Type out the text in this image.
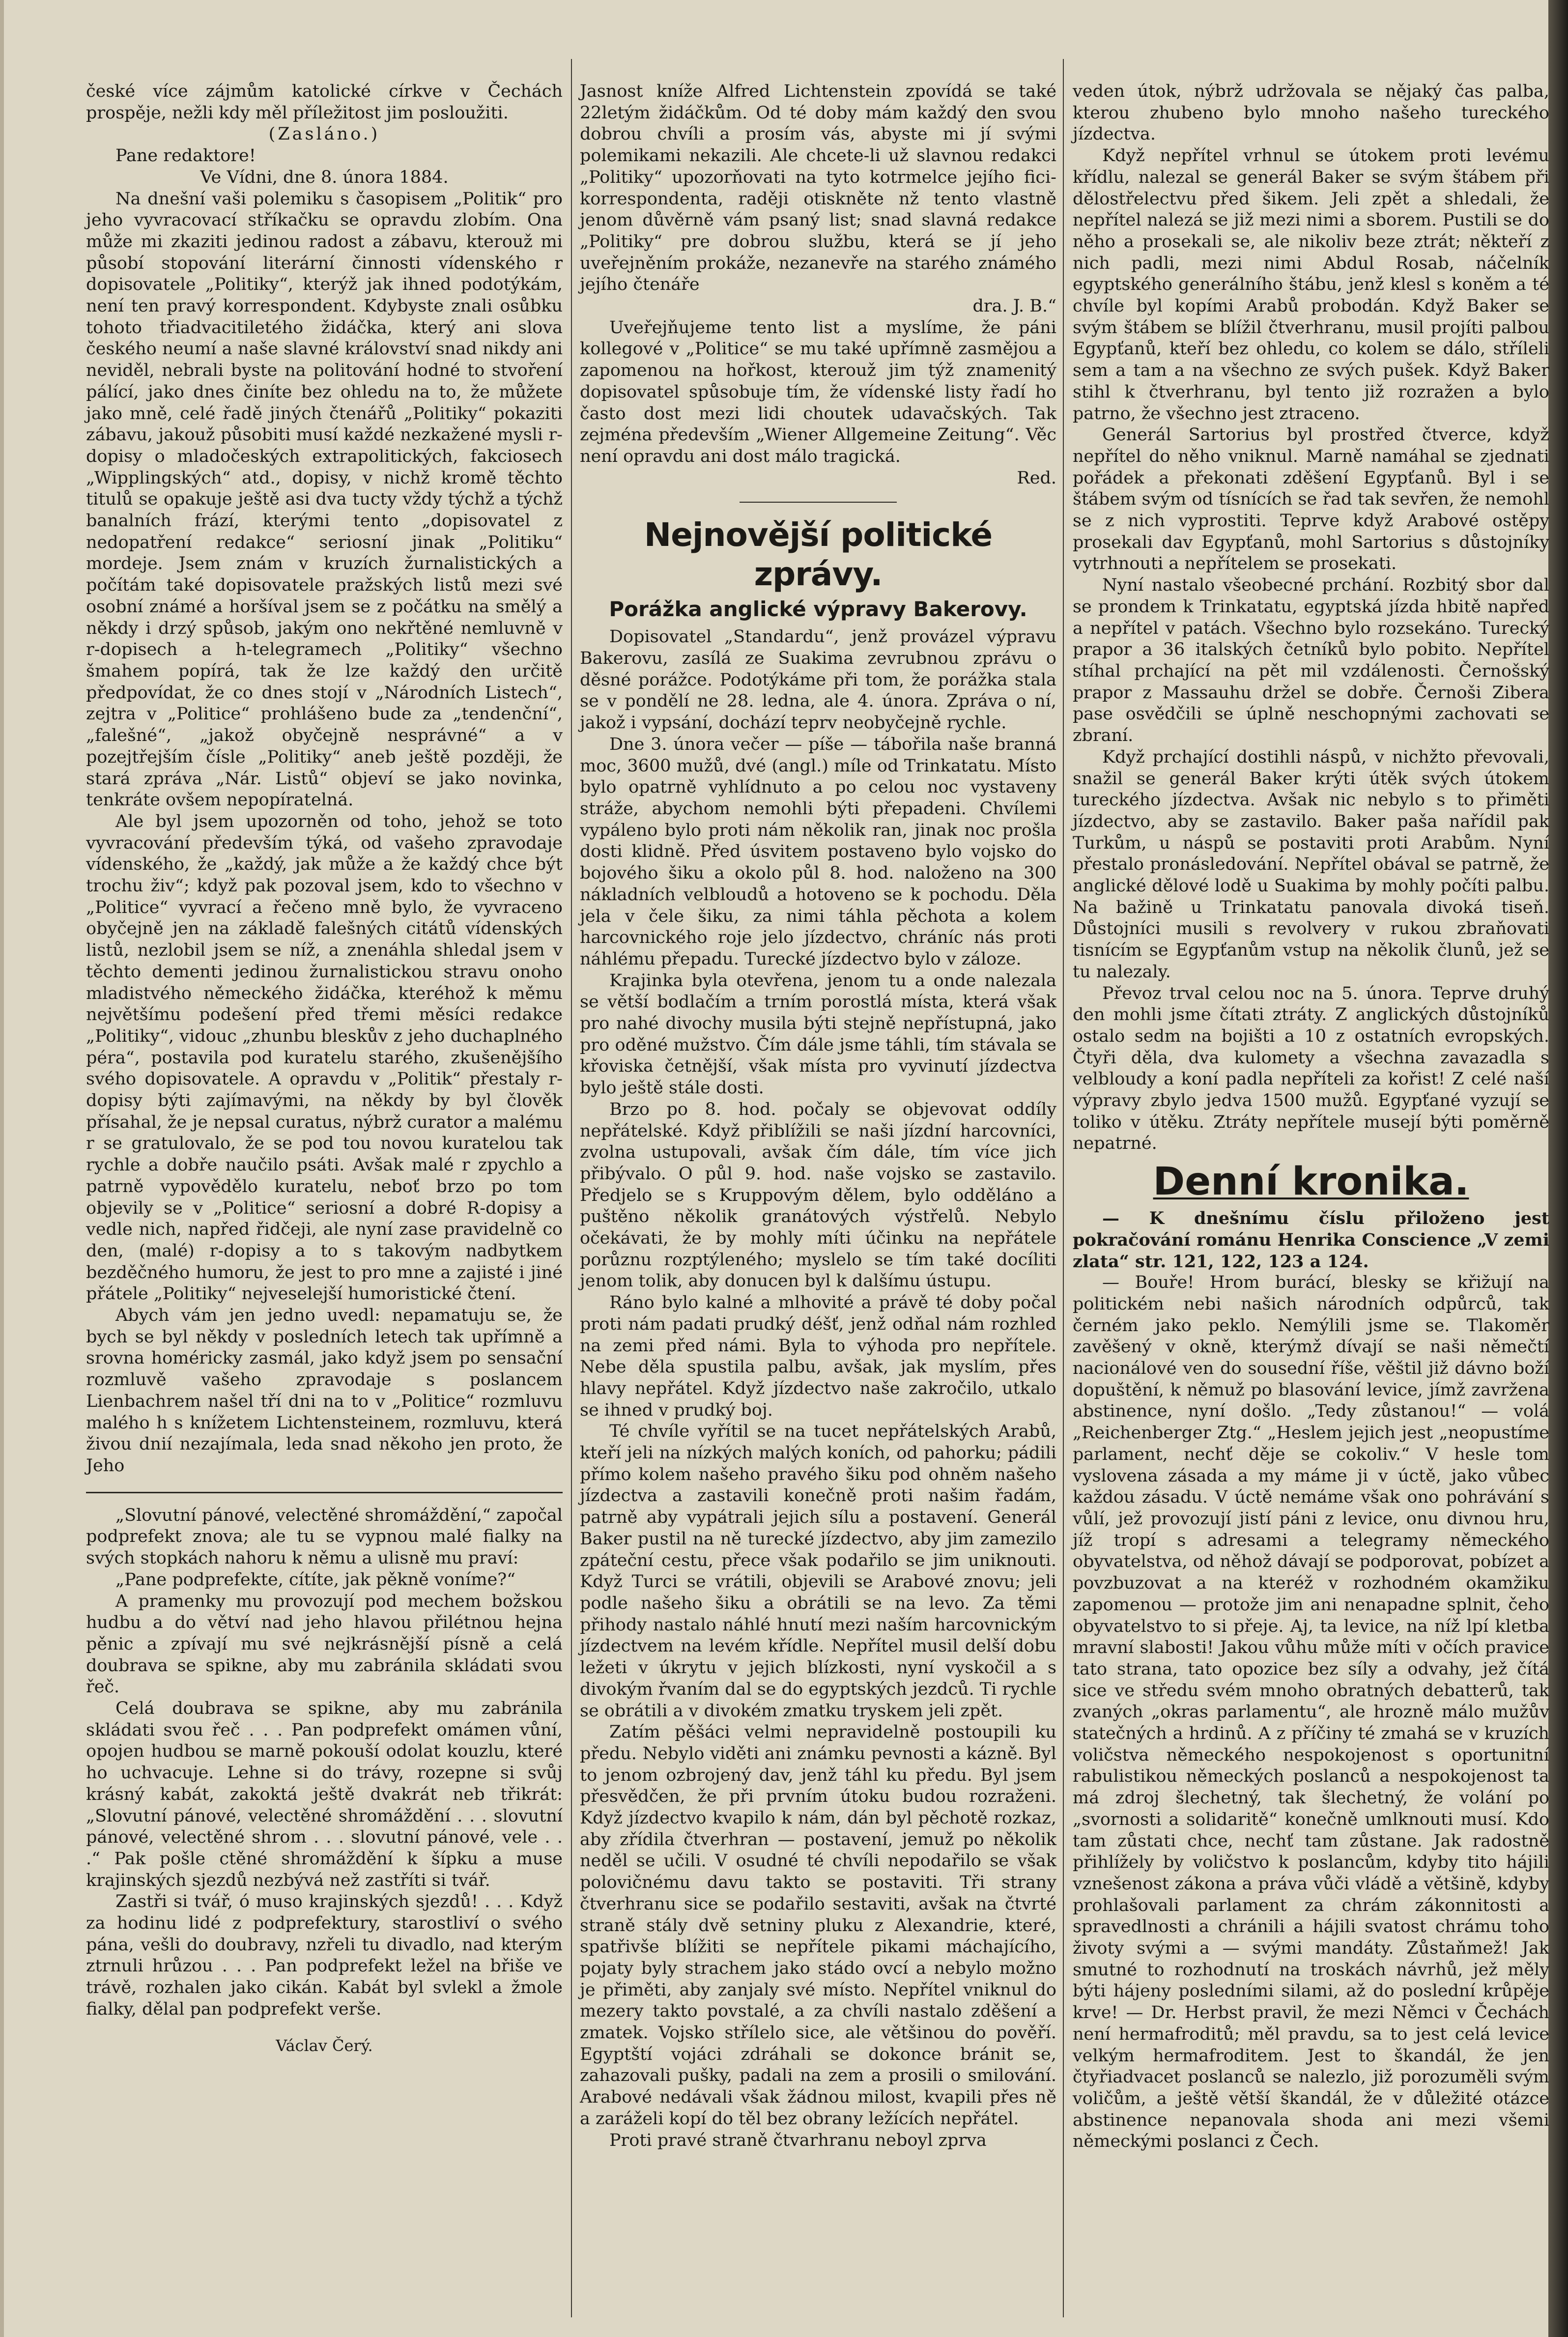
české více zájmům katolické církve v Čechách prospěje, nežli kdy měl příležitost jim posloužiti.

(Zasláno.)

Pane redaktore!

Ve Vídni, dne 8. února 1884.

Na dnešní vaši polemiku s časopisem „Politik“ pro jeho vyvracovací stříkačku se opravdu zlobím. Ona může mi zkaziti jedinou radost a zábavu, kterouž mi působí stopování literární činnosti vídenského r dopisovatele „Politiky“, kterýž jak ihned podotýkám, není ten pravý korrespondent. Kdybyste znali osůbku tohoto třiadvacitiletého židáčka, který ani slova českého neumí a naše slavné království snad nikdy ani neviděl, nebrali byste na politování hodné to stvoření pálící, jako dnes činíte bez ohledu na to, že můžete jako mně, celé řadě jiných čtenářů „Politiky“ pokaziti zábavu, jakouž působiti musí každé nezkažené mysli r-dopisy o mladočeských extrapolitických, fakciosech „Wipplingských“ atd., dopisy, v nichž kromě těchto titulů se opakuje ještě asi dva tucty vždy týchž a týchž banalních frází, kterými tento „dopisovatel z nedopatření redakce“ seriosní jinak „Politiku“ mordeje. Jsem znám v kruzích žurnalistických a počítám také dopisovatele pražských listů mezi své osobní známé a horšíval jsem se z počátku na smělý a někdy i drzý spůsob, jakým ono nekřtěné nemluvně v r-dopisech a h-telegramech „Politiky“ všechno šmahem popírá, tak že lze každý den určitě předpovídat, že co dnes stojí v „Národních Listech“, zejtra v „Politice“ prohlášeno bude za „tendenční“, „falešné“, „jakož obyčejně nesprávné“ a v pozejtřejším čísle „Politiky“ aneb ještě později, že stará zpráva „Nár. Listů“ objeví se jako novinka, tenkráte ovšem nepopíratelná.

Ale byl jsem upozorněn od toho, jehož se toto vyvracování především týká, od vašeho zpravodaje vídenského, že „každý, jak může a že každý chce být trochu živ“; když pak pozoval jsem, kdo to všechno v „Politice“ vyvrací a řečeno mně bylo, že vyvraceno obyčejně jen na základě falešných citátů vídenských listů, nezlobil jsem se níž, a znenáhla shledal jsem v těchto dementi jedinou žurnalistickou stravu onoho mladistvého německého židáčka, kteréhož k měmu největšímu podešení před třemi měsíci redakce „Politiky“, vidouc „zhunbu bleskův z jeho duchaplného péra“, postavila pod kuratelu starého, zkušenějšího svého dopisovatele. A opravdu v „Politik“ přestaly r-dopisy býti zajímavými, na někdy by byl člověk přísahal, že je nepsal curatus, nýbrž curator a malému r se gratulovalo, že se pod tou novou kuratelou tak rychle a dobře naučilo psáti. Avšak malé r zpychlo a patrně vypovědělo kuratelu, neboť brzo po tom objevily se v „Politice“ seriosní a dobré R-dopisy a vedle nich, napřed řidčeji, ale nyní zase pravidelně co den, (malé) r-dopisy a to s takovým nadbytkem bezděčného humoru, že jest to pro mne a zajisté i jiné přátele „Politiky“ nejveselejší humoristické čtení.

Abych vám jen jedno uvedl: nepamatuju se, že bych se byl někdy v posledních letech tak upřímně a srovna homéricky zasmál, jako když jsem po sensační rozmluvě vašeho zpravodaje s poslancem Lienbachrem našel tří dni na to v „Politice“ rozmluvu malého h s knížetem Lichtensteinem, rozmluvu, která živou dnií nezajímala, leda snad někoho jen proto, že Jeho

„Slovutní pánové, velectěné shromáždění,“ započal podprefekt znova; ale tu se vypnou malé fialky na svých stopkách nahoru k němu a ulisně mu praví:

„Pane podprefekte, cítíte, jak pěkně voníme?“

A pramenky mu provozují pod mechem božskou hudbu a do větví nad jeho hlavou přilétnou hejna pěnic a zpívají mu své nejkrásnější písně a celá doubrava se spikne, aby mu zabránila skládati svou řeč.

Celá doubrava se spikne, aby mu zabránila skládati svou řeč . . . Pan podprefekt omámen vůní, opojen hudbou se marně pokouší odolat kouzlu, které ho uchvacuje. Lehne si do trávy, rozepne si svůj krásný kabát, zakoktá ještě dvakrát neb třikrát: „Slovutní pánové, velectěné shromáždění . . . slovutní pánové, velectěné shrom . . . slovutní pánové, vele . . .“ Pak pošle ctěné shromáždění k šípku a muse krajinských sjezdů nezbývá než zastříti si tvář.

Zastři si tvář, ó muso krajinských sjezdů! . . . Když za hodinu lidé z podprefektury, starostliví o svého pána, vešli do doubravy, nzřeli tu divadlo, nad kterým ztrnuli hrůzou . . . Pan podprefekt ležel na břiše ve trávě, rozhalen jako cikán. Kabát byl svlekl a žmole fialky, dělal pan podprefekt verše.

Václav Čerý.

Jasnost kníže Alfred Lichtenstein zpovídá se také 22letým židáčkům. Od té doby mám každý den svou dobrou chvíli a prosím vás, abyste mi jí svými polemikami nekazili. Ale chcete-li už slavnou redakci „Politiky“ upozorňovati na tyto kotrmelce jejího fici-korrespondenta, raději otiskněte nž tento vlastně jenom důvěrně vám psaný list; snad slavná redakce „Politiky“ pre dobrou službu, která se jí jeho uveřejněním prokáže, nezanevře na starého známého jejího čtenáře

dra. J. B.“

Uveřejňujeme tento list a myslíme, že páni kollegové v „Politice“ se mu také upřímně zasmějou a zapomenou na hořkost, kterouž jim týž znamenitý dopisovatel spůsobuje tím, že vídenské listy řadí ho často dost mezi lidi choutek udavačských. Tak zejména především „Wiener Allgemeine Zeitung“. Věc není opravdu ani dost málo tragická.

Red.
Nejnovější politické zprávy.
Porážka anglické výpravy Bakerovy.

Dopisovatel „Standardu“, jenž provázel výpravu Bakerovu, zasílá ze Suakima zevrubnou zprávu o děsné porážce. Podotýkáme při tom, že porážka stala se v pondělí ne 28. ledna, ale 4. února. Zpráva o ní, jakož i vypsání, dochází teprv neobyčejně rychle.

Dne 3. února večer — píše — tábořila naše branná moc, 3600 mužů, dvé (angl.) míle od Trinkatatu. Místo bylo opatrně vyhlídnuto a po celou noc vystaveny stráže, abychom nemohli býti přepadeni. Chvílemi vypáleno bylo proti nám několik ran, jinak noc prošla dosti klidně. Před úsvitem postaveno bylo vojsko do bojového šiku a okolo půl 8. hod. naloženo na 300 nákladních velbloudů a hotoveno se k pochodu. Děla jela v čele šiku, za nimi táhla pěchota a kolem harcovnického roje jelo jízdectvo, chráníc nás proti náhlému přepadu. Turecké jízdectvo bylo v záloze.

Krajinka byla otevřena, jenom tu a onde nalezala se větší bodlačím a trním porostlá místa, která však pro nahé divochy musila býti stejně nepřístupná, jako pro oděné mužstvo. Čím dále jsme táhli, tím stávala se křoviska četnější, však místa pro vyvinutí jízdectva bylo ještě stále dosti.

Brzo po 8. hod. počaly se objevovat oddíly nepřátelské. Když přiblížili se naši jízdní harcovníci, zvolna ustupovali, avšak čím dále, tím více jich přibývalo. O půl 9. hod. naše vojsko se zastavilo. Předjelo se s Kruppovým dělem, bylo odděláno a puštěno několik granátových výstřelů. Nebylo očekávati, že by mohly míti účinku na nepřátele porůznu rozptýleného; myslelo se tím také docíliti jenom tolik, aby donucen byl k dalšímu ústupu.

Ráno bylo kalné a mlhovité a právě té doby počal proti nám padati prudký déšť, jenž odňal nám rozhled na zemi před námi. Byla to výhoda pro nepřítele. Nebe děla spustila palbu, avšak, jak myslím, přes hlavy nepřátel. Když jízdectvo naše zakročilo, utkalo se ihned v prudký boj.

Té chvíle vyřítil se na tucet nepřátelských Arabů, kteří jeli na nízkých malých koních, od pahorku; pádili přímo kolem našeho pravého šiku pod ohněm našeho jízdectva a zastavili konečně proti našim řadám, patrně aby vypátrali jejich sílu a postavení. Generál Baker pustil na ně turecké jízdectvo, aby jim zamezilo zpáteční cestu, přece však podařilo se jim uniknouti. Když Turci se vrátili, objevili se Arabové znovu; jeli podle našeho šiku a obrátili se na levo. Za těmi přihody nastalo náhlé hnutí mezi naším harcovnickým jízdectvem na levém křídle. Nepřítel musil delší dobu ležeti v úkrytu v jejich blízkosti, nyní vyskočil a s divokým řvaním dal se do egyptských jezdců. Ti rychle se obrátili a v divokém zmatku tryskem jeli zpět.

Zatím pěšáci velmi nepravidelně postoupili ku předu. Nebylo viděti ani známku pevnosti a kázně. Byl to jenom ozbrojený dav, jenž táhl ku předu. Byl jsem přesvědčen, že při prvním útoku budou rozraženi. Když jízdectvo kvapilo k nám, dán byl pěchotě rozkaz, aby zřídila čtverhran — postavení, jemuž po několik neděl se učili. V osudné té chvíli nepodařilo se však polovičnému davu takto se postaviti. Tři strany čtverhranu sice se podařilo sestaviti, avšak na čtvrté straně stály dvě setniny pluku z Alexandrie, které, spatřivše blížiti se nepřítele pikami máchajícího, pojaty byly strachem jako stádo ovcí a nebylo možno je přiměti, aby zanjaly své místo. Nepřítel vniknul do mezery takto povstalé, a za chvíli nastalo zděšení a zmatek. Vojsko střílelo sice, ale většinou do pověří. Egyptští vojáci zdráhali se dokonce bránit se, zahazovali pušky, padali na zem a prosili o smilování. Arabové nedávali však žádnou milost, kvapili přes ně a zaráželi kopí do těl bez obrany ležících nepřátel.

Proti pravé straně čtvarhranu neboyl zprva

veden útok, nýbrž udržovala se nějaký čas palba, kterou zhubeno bylo mnoho našeho tureckého jízdectva.

Když nepřítel vrhnul se útokem proti levému křídlu, nalezal se generál Baker se svým štábem při dělostřelectvu před šikem. Jeli zpět a shledali, že nepřítel nalezá se již mezi nimi a sborem. Pustili se do něho a prosekali se, ale nikoliv beze ztrát; někteří z nich padli, mezi nimi Abdul Rosab, náčelník egyptského generálního štábu, jenž klesl s koněm a té chvíle byl kopími Arabů probodán. Když Baker se svým štábem se blížil čtverhranu, musil projíti palbou Egypťanů, kteří bez ohledu, co kolem se dálo, stříleli sem a tam a na všechno ze svých pušek. Když Baker stihl k čtverhranu, byl tento již rozražen a bylo patrno, že všechno jest ztraceno.

Generál Sartorius byl prostřed čtverce, když nepřítel do něho vniknul. Marně namáhal se zjednati pořádek a překonati zděšení Egypťanů. Byl i se štábem svým od tísnících se řad tak sevřen, že nemohl se z nich vyprostiti. Teprve když Arabové ostěpy prosekali dav Egypťanů, mohl Sartorius s důstojníky vytrhnouti a nepřítelem se prosekati.

Nyní nastalo všeobecné prchání. Rozbitý sbor dal se prondem k Trinkatatu, egyptská jízda hbitě napřed a nepřítel v patách. Všechno bylo rozsekáno. Turecký prapor a 36 italských četníků bylo pobito. Nepřítel stíhal prchající na pět mil vzdálenosti. Černošský prapor z Massauhu držel se dobře. Černoši Zibera pase osvědčili se úplně neschopnými zachovati se zbraní.

Když prchající dostihli náspů, v nichžto převovali, snažil se generál Baker krýti útěk svých útokem tureckého jízdectva. Avšak nic nebylo s to přiměti jízdectvo, aby se zastavilo. Baker paša nařídil pak Turkům, u náspů se postaviti proti Arabům. Nyní přestalo pronásledování. Nepřítel obával se patrně, že anglické dělové lodě u Suakima by mohly počíti palbu. Na bažině u Trinkatatu panovala divoká tiseň. Důstojníci musili s revolvery v rukou zbraňovati tisnícím se Egypťanům vstup na několik člunů, jež se tu nalezaly.

Převoz trval celou noc na 5. února. Teprve druhý den mohli jsme čítati ztráty. Z anglických důstojníků ostalo sedm na bojišti a 10 z ostatních evropských. Čtyři děla, dva kulomety a všechna zavazadla s velbloudy a koní padla nepříteli za kořist! Z celé naší výpravy zbylo jedva 1500 mužů. Egypťané vyzují se toliko v útěku. Ztráty nepřítele musejí býti poměrně nepatrné.

Denní kronika.

— K dnešnímu číslu přiloženo jest pokračování románu Henrika Conscience „V zemi zlata“ str. 121, 122, 123 a 124.

— Bouře! Hrom burácí, blesky se křižují na politickém nebi našich národních odpůrců, tak černém jako peklo. Nemýlili jsme se. Tlakoměr zavěšený v okně, kterýmž dívají se naši němečtí nacionálové ven do sousední říše, věštil již dávno boží dopuštění, k němuž po blasování levice, jímž zavržena abstinence, nyní došlo. „Tedy zůstanou!“ — volá „Reichenberger Ztg.“ „Heslem jejich jest „neopustíme parlament, nechť děje se cokoliv.“ V hesle tom vyslovena zásada a my máme ji v úctě, jako vůbec každou zásadu. V úctě nemáme však ono pohrávání s vůlí, jež provozují jistí páni z levice, onu divnou hru, jíž tropí s adresami a telegramy německého obyvatelstva, od něhož dávají se podporovat, pobízet a povzbuzovat a na kteréž v rozhodném okamžiku zapomenou — protože jim ani nenapadne splnit, čeho obyvatelstvo to si přeje. Aj, ta levice, na níž lpí kletba mravní slabosti! Jakou vůhu může míti v očích pravice tato strana, tato opozice bez síly a odvahy, jež čítá sice ve středu svém mnoho obratných debatterů, tak zvaných „okras parlamentu“, ale hrozně málo mužův statečných a hrdinů. A z příčiny té zmahá se v kruzích voličstva německého nespokojenost s oportunitní rabulistikou německých poslanců a nespokojenost ta má zdroj šlechetný, tak šlechetný, že volání po „svornosti a solidaritě“ konečně umlknouti musí. Kdo tam zůstati chce, nechť tam zůstane. Jak radostně přihlížely by voličstvo k poslancům, kdyby tito hájili vznešenost zákona a práva vůči vládě a většině, kdyby prohlašovali parlament za chrám zákonnitosti a spravedlnosti a chránili a hájili svatost chrámu toho životy svými a — svými mandáty. Zůstaňmež! Jak smutné to rozhodnutí na troskách návrhů, jež měly býti hájeny posledními silami, až do poslední krůpěje krve! — Dr. Herbst pravil, že mezi Němci v Čechách není hermafroditů; měl pravdu, sa to jest celá levice velkým hermafroditem. Jest to škandál, že jen čtyřiadvacet poslanců se nalezlo, již porozuměli svým voličům, a ještě větší škandál, že v důležité otázce abstinence nepanovala shoda ani mezi všemi německými poslanci z Čech.
